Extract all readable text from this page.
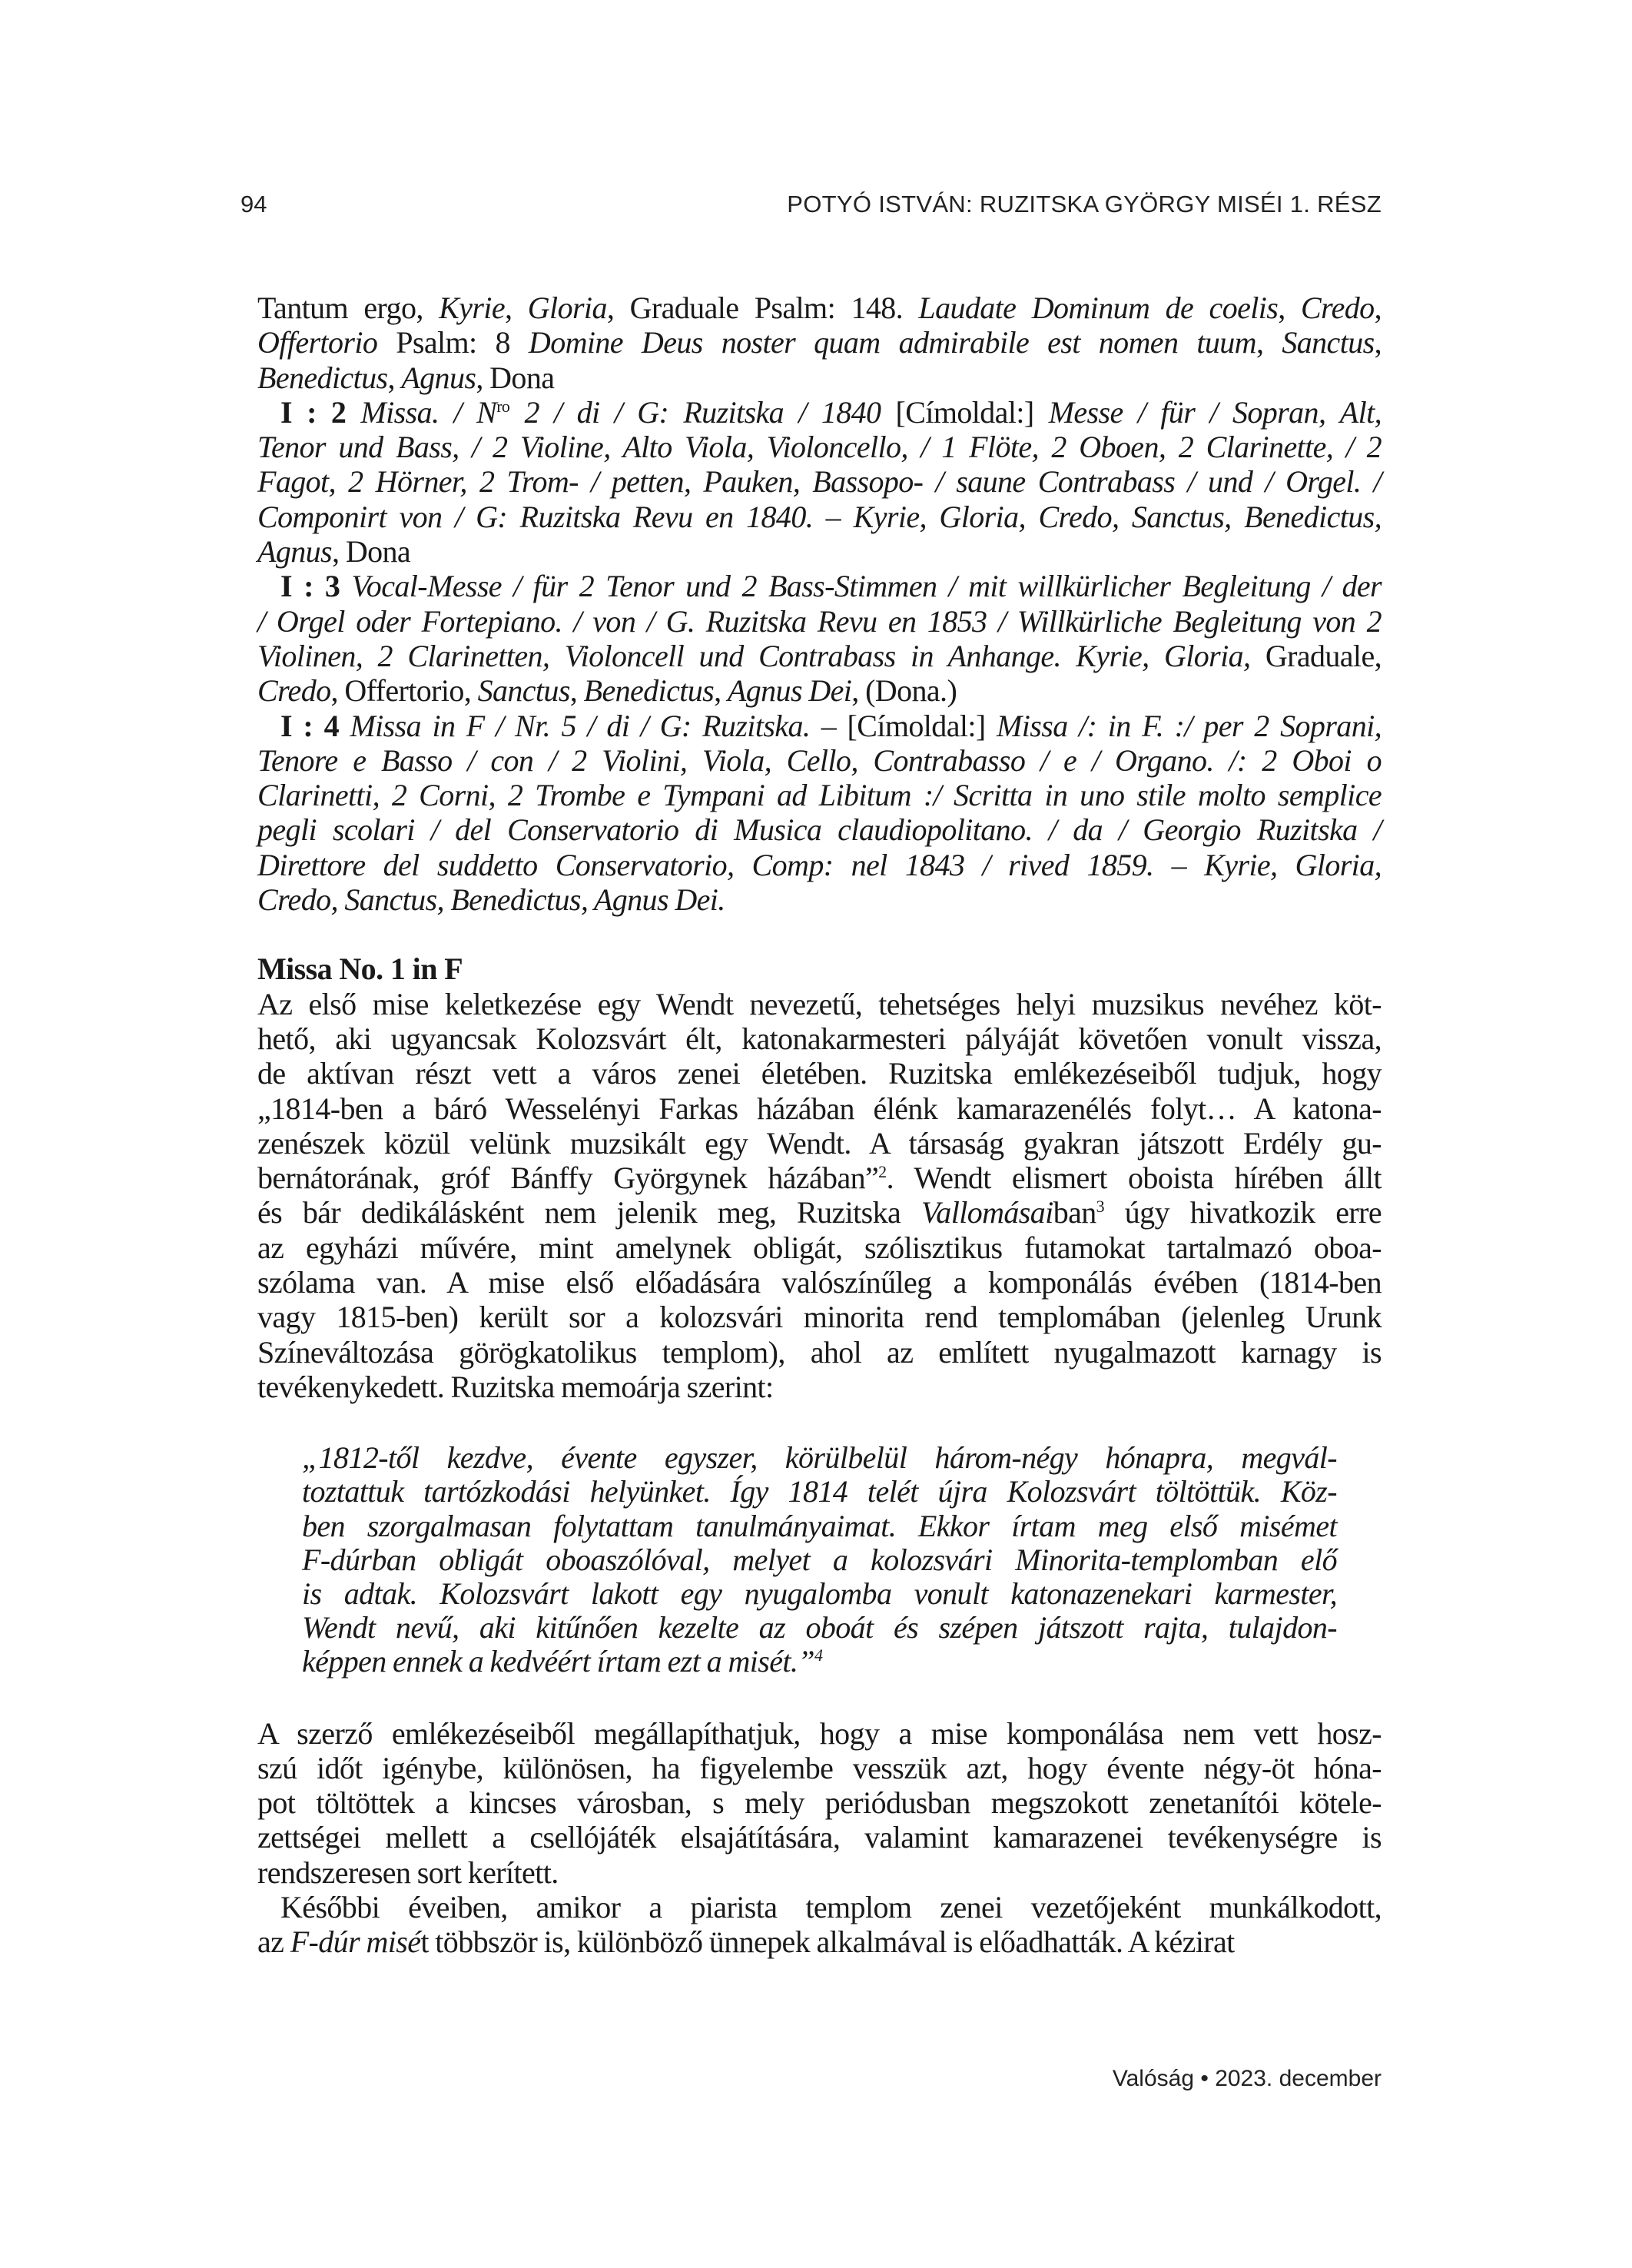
94	POTYÓ ISTVÁN: RUZITSKA GYÖRGY MISÉI 1. RÉSZ
Tantum ergo, Kyrie, Gloria, Graduale Psalm: 148. Laudate Dominum de coelis, Credo,
Offertorio Psalm: 8 Domine Deus noster quam admirabile est nomen tuum, Sanctus,
Benedictus, Agnus, Dona
I : 2 Missa. / $N^{ro}$ 2 / di / G: Ruzitska / 1840 [Címoldal:] Messe / für / Sopran, Alt,
Tenor und Bass, / 2 Violine, Alto Viola, Violoncello, / 1 Flöte, 2 Oboen, 2 Clarinette, / 2
Fagot, 2 Hörner, 2 Trom- / petten, Pauken, Bassopo- / saune Contrabass / und / Orgel. /
Componirt von / G: Ruzitska Revu en 1840. – Kyrie, Gloria, Credo, Sanctus, Benedictus,
Agnus, Dona
I : 3 Vocal-Messe / für 2 Tenor und 2 Bass-Stimmen / mit willkürlicher Begleitung / der
/ Orgel oder Fortepiano. / von / G. Ruzitska Revu en 1853 / Willkürliche Begleitung von 2
Violinen, 2 Clarinetten, Violoncell und Contrabass in Anhange. Kyrie, Gloria, Graduale,
Credo, Offertorio, Sanctus, Benedictus, Agnus Dei, (Dona.)
I : 4 Missa in F / Nr. 5 / di / G: Ruzitska. – [Címoldal:] Missa /: in F. :/ per 2 Soprani,
Tenore e Basso / con / 2 Violini, Viola, Cello, Contrabasso / e / Organo. /: 2 Oboi o
Clarinetti, 2 Corni, 2 Trombe e Tympani ad Libitum :/ Scritta in uno stile molto semplice
pegli scolari / del Conservatorio di Musica claudiopolitano. / da / Georgio Ruzitska /
Direttore del suddetto Conservatorio, Comp: nel 1843 / rived 1859. – Kyrie, Gloria,
Credo, Sanctus, Benedictus, Agnus Dei.
Missa No. 1 in F
Az első mise keletkezése egy Wendt nevezetű, tehetséges helyi muzsikus nevéhez köt-
hető, aki ugyancsak Kolozsvárt élt, katonakarmesteri pályáját követően vonult vissza,
de aktívan részt vett a város zenei életében. Ruzitska emlékezéseiből tudjuk, hogy
„1814-ben a báró Wesselényi Farkas házában élénk kamarazenélés folyt… A katona-
zenészek közül velünk muzsikált egy Wendt. A társaság gyakran játszott Erdély gu-
bernátorának, gróf Bánffy Györgynek házában”$^2$. Wendt elismert oboista hírében állt
és bár dedikálásként nem jelenik meg, Ruzitska Vallomásaiban$^3$ úgy hivatkozik erre
az egyházi művére, mint amelynek obligát, szólisztikus futamokat tartalmazó oboa-
szólama van. A mise első előadására valószínűleg a komponálás évében (1814-ben
vagy 1815-ben) került sor a kolozsvári minorita rend templomában (jelenleg Urunk
Színeváltozása görögkatolikus templom), ahol az említett nyugalmazott karnagy is
tevékenykedett. Ruzitska memoárja szerint:
„1812-től kezdve, évente egyszer, körülbelül három-négy hónapra, megvál-
toztattuk tartózkodási helyünket. Így 1814 telét újra Kolozsvárt töltöttük. Köz-
ben szorgalmasan folytattam tanulmányaimat. Ekkor írtam meg első misémet
F-dúrban obligát oboaszólóval, melyet a kolozsvári Minorita-templomban elő
is adtak. Kolozsvárt lakott egy nyugalomba vonult katonazenekari karmester,
Wendt nevű, aki kitűnően kezelte az oboát és szépen játszott rajta, tulajdon-
képpen ennek a kedvéért írtam ezt a misét.”$^4$
A szerző emlékezéseiből megállapíthatjuk, hogy a mise komponálása nem vett hosz-
szú időt igénybe, különösen, ha figyelembe vesszük azt, hogy évente négy-öt hóna-
pot töltöttek a kincses városban, s mely periódusban megszokott zenetanítói kötele-
zettségei mellett a csellójáték elsajátítására, valamint kamarazenei tevékenységre is
rendszeresen sort kerített.
Későbbi éveiben, amikor a piarista templom zenei vezetőjeként munkálkodott,
az F-dúr misét többször is, különböző ünnepek alkalmával is előadhatták. A kézirat
Valóság • 2023. december
